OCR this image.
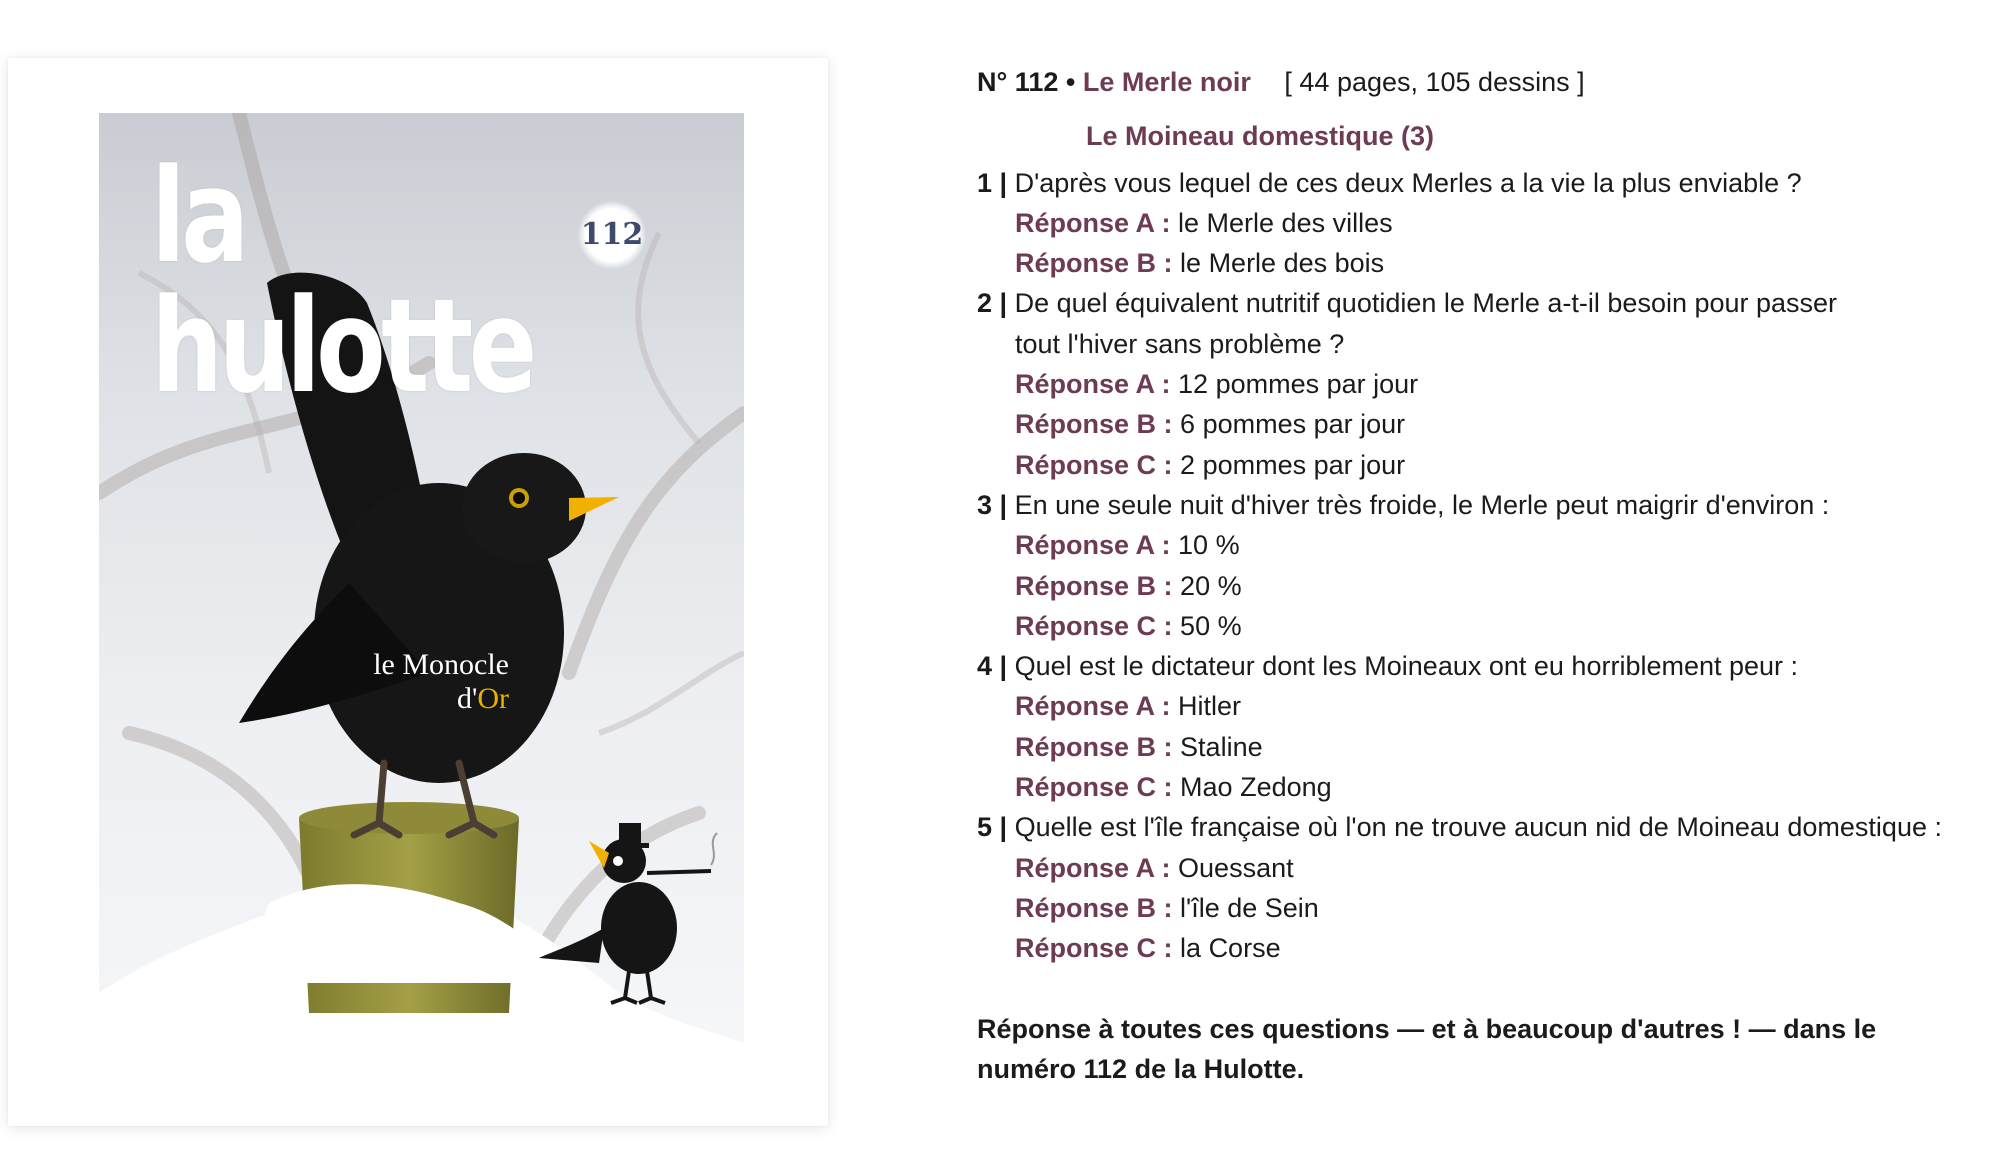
la hulotte

112
le Monocle
d'Or

N° 112 • Le Merle noir [ 44 pages, 105 dessins ]

Le Moineau domestique (3)

1 | D'après vous lequel de ces deux Merles a la vie la plus enviable ?

Réponse A : le Merle des villes

Réponse B : le Merle des bois

2 | De quel équivalent nutritif quotidien le Merle a-t-il besoin pour passer

tout l'hiver sans problème ?

Réponse A : 12 pommes par jour

Réponse B : 6 pommes par jour

Réponse C : 2 pommes par jour

3 | En une seule nuit d'hiver très froide, le Merle peut maigrir d'environ :

Réponse A : 10 %

Réponse B : 20 %

Réponse C : 50 %

4 | Quel est le dictateur dont les Moineaux ont eu horriblement peur :

Réponse A : Hitler

Réponse B : Staline

Réponse C : Mao Zedong

5 | Quelle est l'île française où l'on ne trouve aucun nid de Moineau domestique :

Réponse A : Ouessant

Réponse B : l'île de Sein

Réponse C : la Corse

Réponse à toutes ces questions — et à beaucoup d'autres ! — dans le numéro 112 de la Hulotte.
